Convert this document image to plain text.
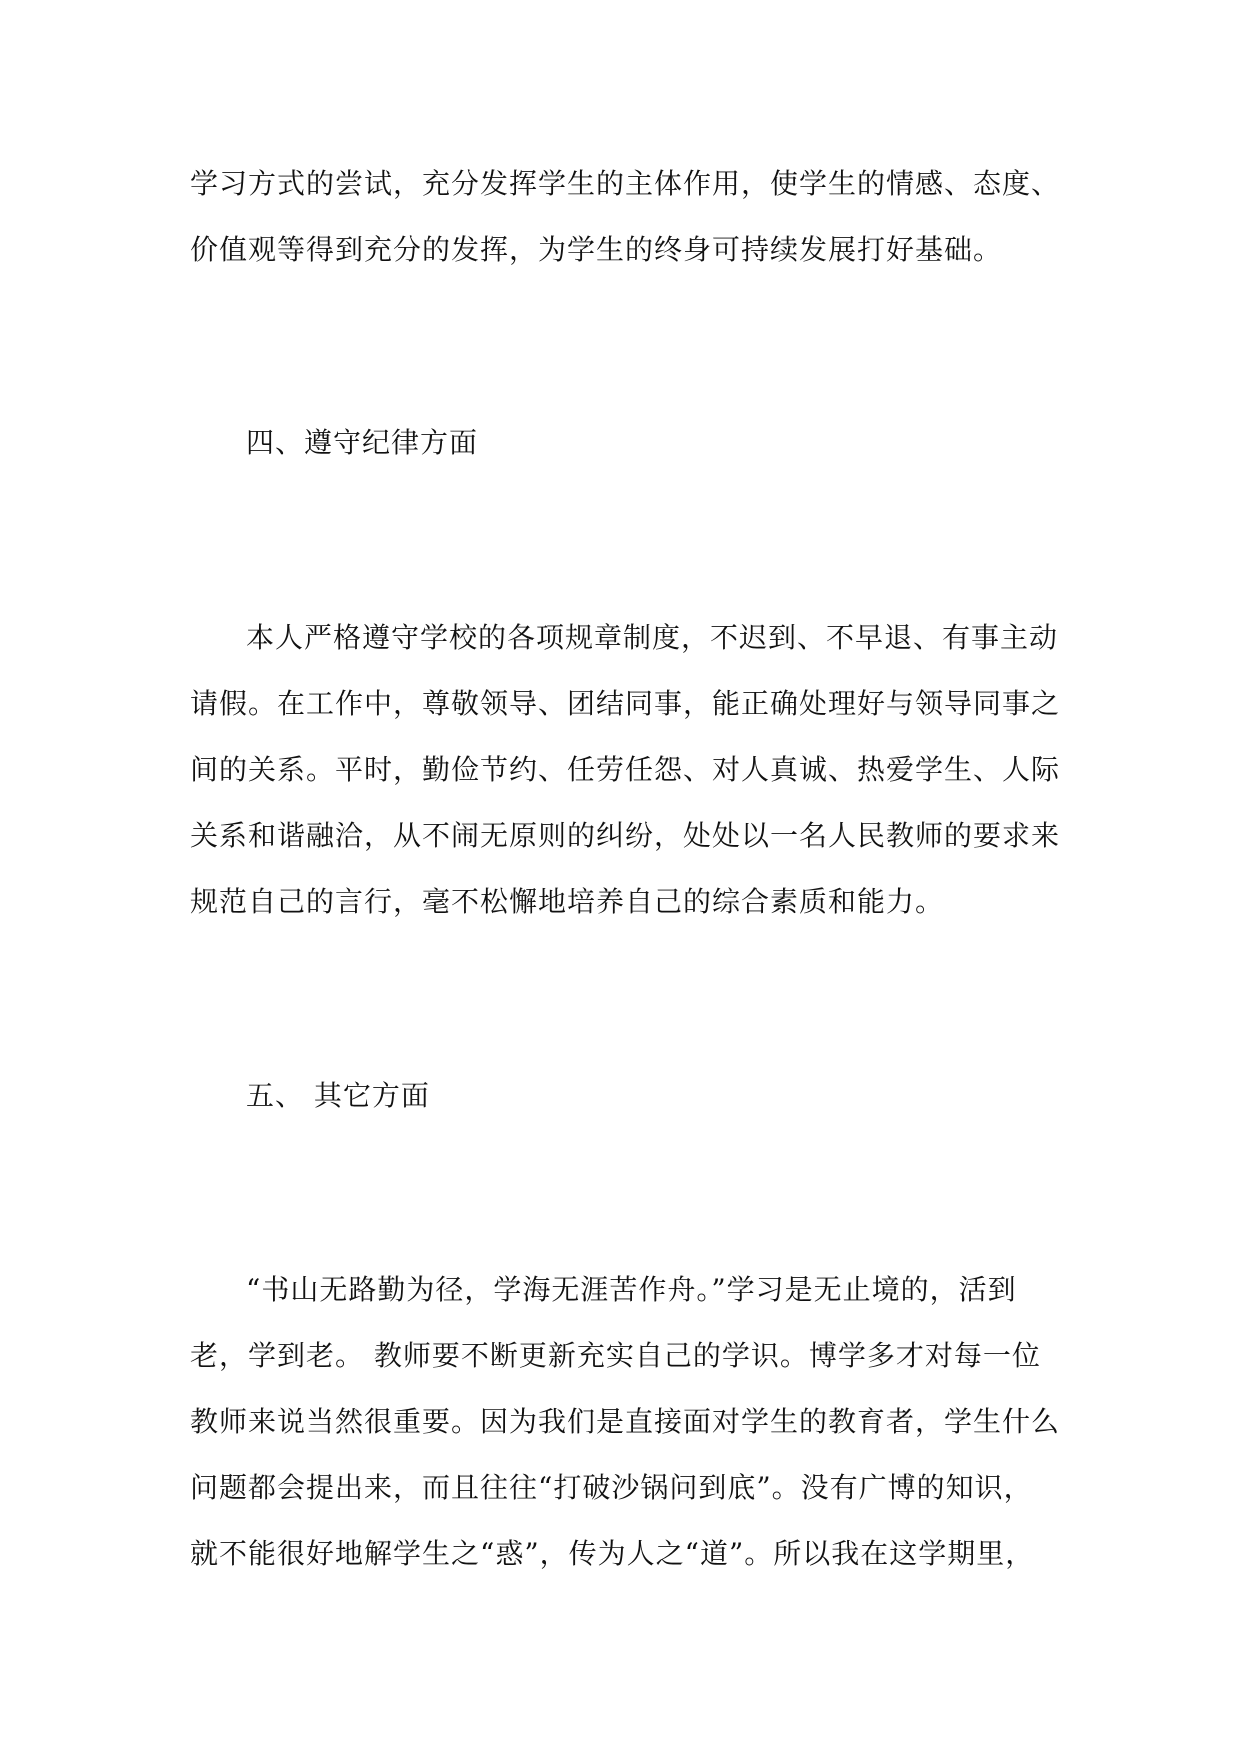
学习方式的尝试，充分发挥学生的主体作用，使学生的情感、态度、
价值观等得到充分的发挥，为学生的终身可持续发展打好基础。
四、遵守纪律方面
本人严格遵守学校的各项规章制度，不迟到、不早退、有事主动
请假。在工作中，尊敬领导、团结同事，能正确处理好与领导同事之
间的关系。平时，勤俭节约、任劳任怨、对人真诚、热爱学生、人际
关系和谐融洽，从不闹无原则的纠纷，处处以一名人民教师的要求来
规范自己的言行，毫不松懈地培养自己的综合素质和能力。
五、 其它方面
“书山无路勤为径，学海无涯苦作舟。”学习是无止境的，活到
老，学到老。 教师要不断更新充实自己的学识。博学多才对每一位
教师来说当然很重要。因为我们是直接面对学生的教育者，学生什么
问题都会提出来，而且往往“打破沙锅问到底”。没有广博的知识，
就不能很好地解学生之“惑”，传为人之“道”。所以我在这学期里，
